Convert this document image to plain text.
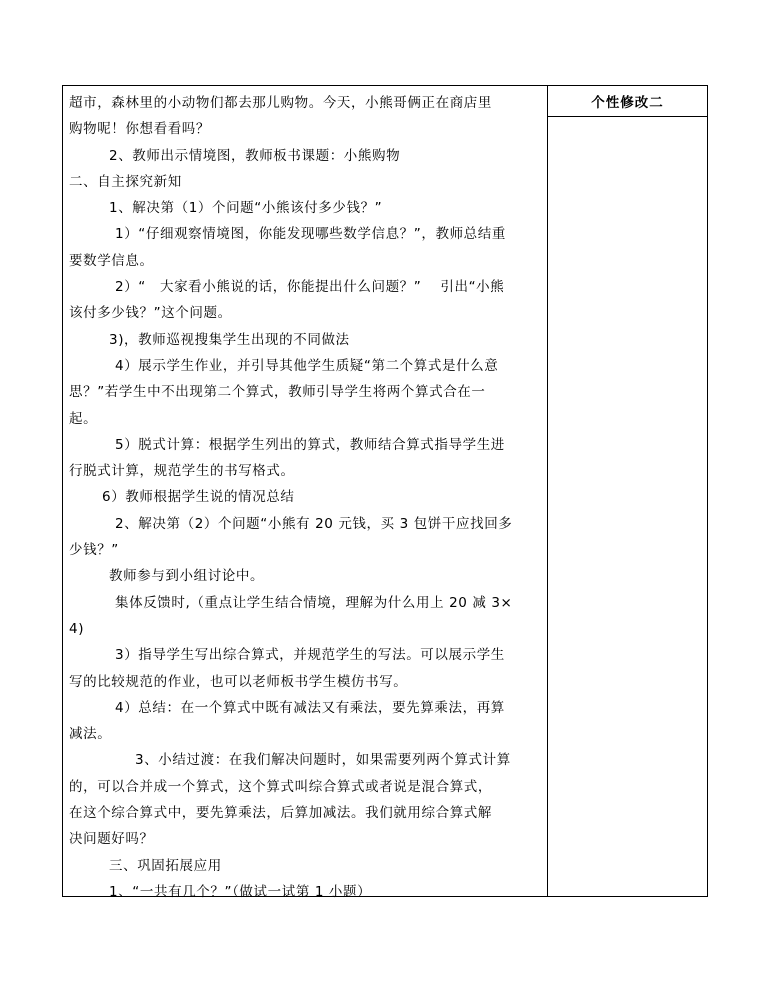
个性修改二
超市，森林里的小动物们都去那儿购物。今天，小熊哥俩正在商店里
购物呢！你想看看吗？
2、教师出示情境图，教师板书课题：小熊购物
二、自主探究新知
1、解决第（1）个问题“小熊该付多少钱？”
1）“仔细观察情境图，你能发现哪些数学信息？”，教师总结重
要数学信息。
2）“　大家看小熊说的话，你能提出什么问题？”　 引出“小熊
该付多少钱？”这个问题。
3)，教师巡视搜集学生出现的不同做法
4）展示学生作业，并引导其他学生质疑“第二个算式是什么意
思？”若学生中不出现第二个算式，教师引导学生将两个算式合在一
起。
5）脱式计算：根据学生列出的算式，教师结合算式指导学生进
行脱式计算，规范学生的书写格式。
6）教师根据学生说的情况总结
2、解决第（2）个问题“小熊有 20 元钱，买 3 包饼干应找回多
少钱？”
教师参与到小组讨论中。
集体反馈时,（重点让学生结合情境，理解为什么用上 20 减 3×
4)
3）指导学生写出综合算式，并规范学生的写法。可以展示学生
写的比较规范的作业，也可以老师板书学生模仿书写。
4）总结：在一个算式中既有减法又有乘法，要先算乘法，再算
减法。
3、小结过渡：在我们解决问题时，如果需要列两个算式计算
的，可以合并成一个算式，这个算式叫综合算式或者说是混合算式，
在这个综合算式中，要先算乘法，后算加减法。我们就用综合算式解
决问题好吗？
三、巩固拓展应用
1、“一共有几个？”（做试一试第 1 小题）
